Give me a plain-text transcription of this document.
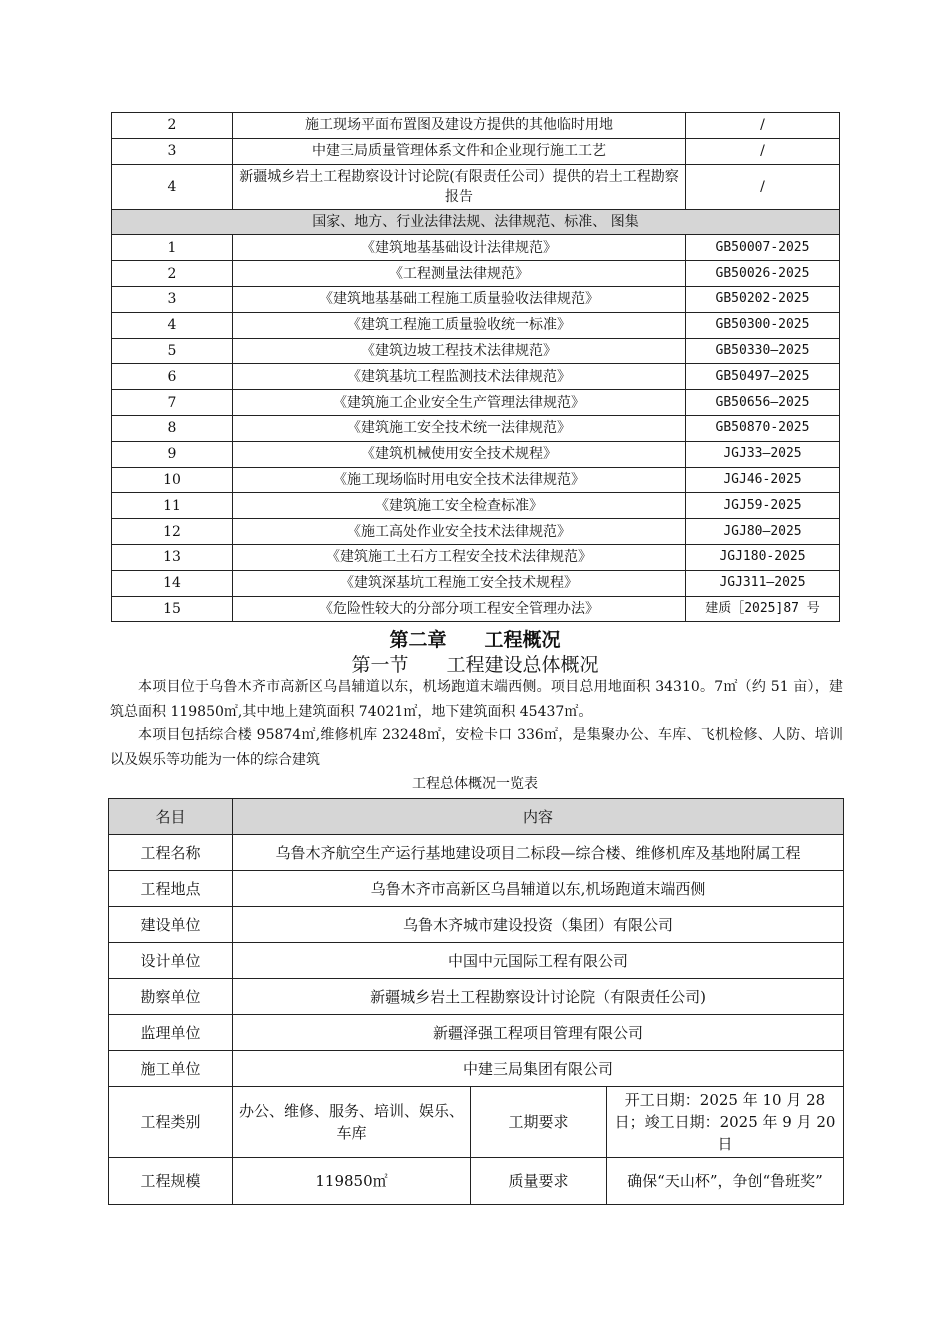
2	施工现场平面布置图及建设方提供的其他临时用地	/
3	中建三局质量管理体系文件和企业现行施工工艺	/
4	新疆城乡岩土工程勘察设计讨论院(有限责任公司）提供的岩土工程勘察报告	/
国家、地方、行业法律法规、法律规范、标准、 图集		
1	《建筑地基基础设计法律规范》	GB50007-2025
2	《工程测量法律规范》	GB50026-2025
3	《建筑地基基础工程施工质量验收法律规范》	GB50202-2025
4	《建筑工程施工质量验收统一标准》	GB50300-2025
5	《建筑边坡工程技术法律规范》	GB50330—2025
6	《建筑基坑工程监测技术法律规范》	GB50497—2025
7	《建筑施工企业安全生产管理法律规范》	GB50656—2025
8	《建筑施工安全技术统一法律规范》	GB50870-2025
9	《建筑机械使用安全技术规程》	JGJ33—2025
10	《施工现场临时用电安全技术法律规范》	JGJ46-2025
11	《建筑施工安全检查标准》	JGJ59-2025
12	《施工高处作业安全技术法律规范》	JGJ80—2025
13	《建筑施工土石方工程安全技术法律规范》	JGJ180-2025
14	《建筑深基坑工程施工安全技术规程》	JGJ311—2025
15	《危险性较大的分部分项工程安全管理办法》	建质［2025]87 号
第二章　　工程概况
第一节　　工程建设总体概况
本项目位于乌鲁木齐市高新区乌昌辅道以东，机场跑道末端西侧。项目总用地面积 34310。7㎡（约 51 亩），建筑总面积 119850㎡,其中地上建筑面积 74021㎡，地下建筑面积 45437㎡。
本项目包括综合楼 95874㎡,维修机库 23248㎡，安检卡口 336㎡，是集聚办公、车库、飞机检修、人防、培训以及娱乐等功能为一体的综合建筑
工程总体概况一览表
名目	内容		
工程名称	乌鲁木齐航空生产运行基地建设项目二标段—综合楼、维修机库及基地附属工程		
工程地点	乌鲁木齐市高新区乌昌辅道以东,机场跑道末端西侧		
建设单位	乌鲁木齐城市建设投资（集团）有限公司		
设计单位	中国中元国际工程有限公司		
勘察单位	新疆城乡岩土工程勘察设计讨论院（有限责任公司)		
监理单位	新疆泽强工程项目管理有限公司		
施工单位	中建三局集团有限公司		
工程类别	办公、维修、服务、培训、娱乐、车库	工期要求	开工日期：2025 年 10 月 28 日；竣工日期：2025 年 9 月 20 日
工程规模	119850㎡	质量要求	确保“天山杯”，争创“鲁班奖”
